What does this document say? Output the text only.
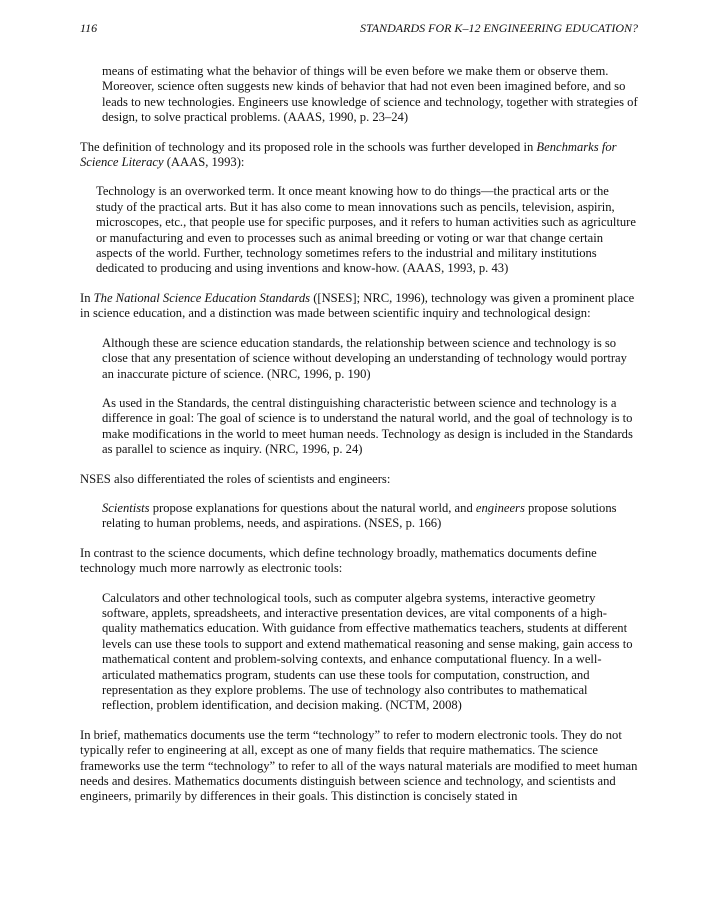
116	STANDARDS FOR K–12 ENGINEERING EDUCATION?

means of estimating what the behavior of things will be even before we make them or observe them. Moreover, science often suggests new kinds of behavior that had not even been imagined before, and so leads to new technologies. Engineers use knowledge of science and technology, together with strategies of design, to solve practical problems. (AAAS, 1990, p. 23–24)

The definition of technology and its proposed role in the schools was further developed in Benchmarks for Science Literacy (AAAS, 1993):

Technology is an overworked term. It once meant knowing how to do things—the practical arts or the study of the practical arts. But it has also come to mean innovations such as pencils, television, aspirin, microscopes, etc., that people use for specific purposes, and it refers to human activities such as agriculture or manufacturing and even to processes such as animal breeding or voting or war that change certain aspects of the world. Further, technology sometimes refers to the industrial and military institutions dedicated to producing and using inventions and know-how. (AAAS, 1993, p. 43)

In The National Science Education Standards ([NSES]; NRC, 1996), technology was given a prominent place in science education, and a distinction was made between scientific inquiry and technological design:

Although these are science education standards, the relationship between science and technology is so close that any presentation of science without developing an understanding of technology would portray an inaccurate picture of science. (NRC, 1996, p. 190)

As used in the Standards, the central distinguishing characteristic between science and technology is a difference in goal: The goal of science is to understand the natural world, and the goal of technology is to make modifications in the world to meet human needs. Technology as design is included in the Standards as parallel to science as inquiry. (NRC, 1996, p. 24)

NSES also differentiated the roles of scientists and engineers:

Scientists propose explanations for questions about the natural world, and engineers propose solutions relating to human problems, needs, and aspirations. (NSES, p. 166)

In contrast to the science documents, which define technology broadly, mathematics documents define technology much more narrowly as electronic tools:

Calculators and other technological tools, such as computer algebra systems, interactive geometry software, applets, spreadsheets, and interactive presentation devices, are vital components of a high-quality mathematics education. With guidance from effective mathematics teachers, students at different levels can use these tools to support and extend mathematical reasoning and sense making, gain access to mathematical content and problem-solving contexts, and enhance computational fluency. In a well-articulated mathematics program, students can use these tools for computation, construction, and representation as they explore problems. The use of technology also contributes to mathematical reflection, problem identification, and decision making. (NCTM, 2008)

In brief, mathematics documents use the term “technology” to refer to modern electronic tools. They do not typically refer to engineering at all, except as one of many fields that require mathematics. The science frameworks use the term “technology” to refer to all of the ways natural materials are modified to meet human needs and desires. Mathematics documents distinguish between science and technology, and scientists and engineers, primarily by differences in their goals. This distinction is concisely stated in
